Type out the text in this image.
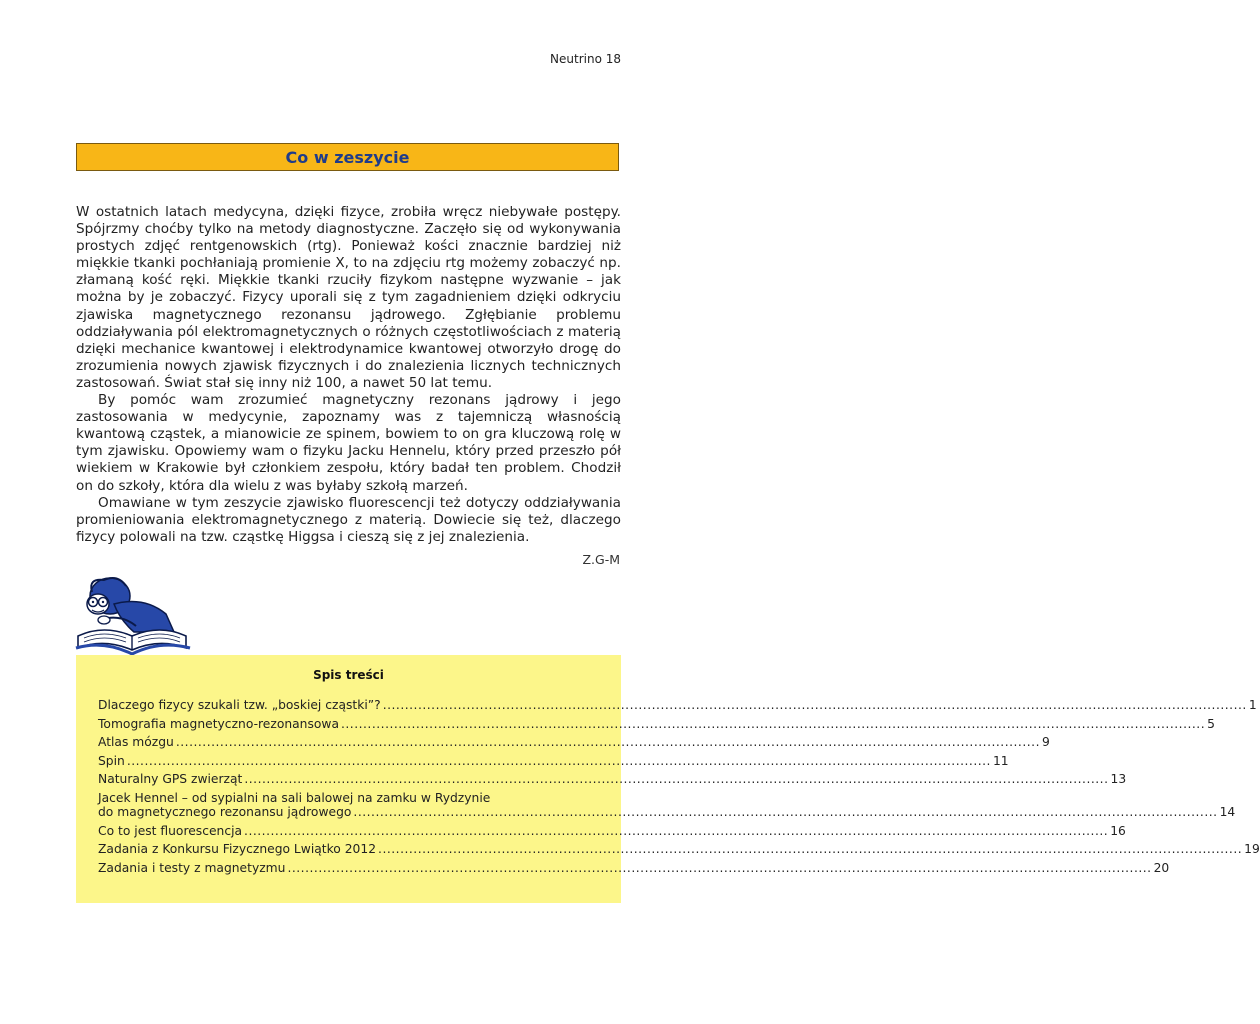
Neutrino 18
Co w zeszycie

W ostatnich latach medycyna, dzięki fizyce, zrobiła wręcz niebywałe postępy. Spójrzmy choćby tylko na metody diagnostyczne. Zaczęło się od wykonywania prostych zdjęć rentgenowskich (rtg). Ponieważ kości znacznie bardziej niż miękkie tkanki pochłaniają promienie X, to na zdjęciu rtg możemy zobaczyć np. złamaną kość ręki. Miękkie tkanki rzuciły fizykom następne wyzwanie – jak można by je zobaczyć. Fizycy uporali się z tym zagadnieniem dzięki odkryciu zjawiska magnetycznego rezonansu jądrowego. Zgłębianie problemu oddziaływania pól elektromagnetycznych o różnych częstotliwościach z materią dzięki mechanice kwantowej i elektrodynamice kwantowej otworzyło drogę do zrozumienia nowych zjawisk fizycznych i do znalezienia licznych technicznych zastosowań. Świat stał się inny niż 100, a nawet 50 lat temu.

By pomóc wam zrozumieć magnetyczny rezonans jądrowy i jego zastosowania w medycynie, zapoznamy was z tajemniczą własnością kwantową cząstek, a mianowicie ze spinem, bowiem to on gra kluczową rolę w tym zjawisku. Opowiemy wam o fizyku Jacku Hennelu, który przed przeszło pół wiekiem w Krakowie był członkiem zespołu, który badał ten problem. Chodził on do szkoły, która dla wielu z was byłaby szkołą marzeń.

Omawiane w tym zeszycie zjawisko fluorescencji też dotyczy oddziaływania promieniowania elektromagnetycznego z materią. Dowiecie się też, dlaczego fizycy polowali na tzw. cząstkę Higgsa i cieszą się z jej znalezienia.

Z.G-M
Spis treści
Dlaczego fizycy szukali tzw. „boskiej cząstki”? .....	1
Tomografia magnetyczno-rezonansowa .....	5
Atlas mózgu .....	9
Spin .....	11
Naturalny GPS zwierząt .....	13
Jacek Hennel – od sypialni na sali balowej na zamku w Rydzynie
do magnetycznego rezonansu jądrowego .....	14
Co to jest fluorescencja .....	16
Zadania z Konkursu Fizycznego Lwiątko 2012 .....	19
Zadania i testy z magnetyzmu .....	20
